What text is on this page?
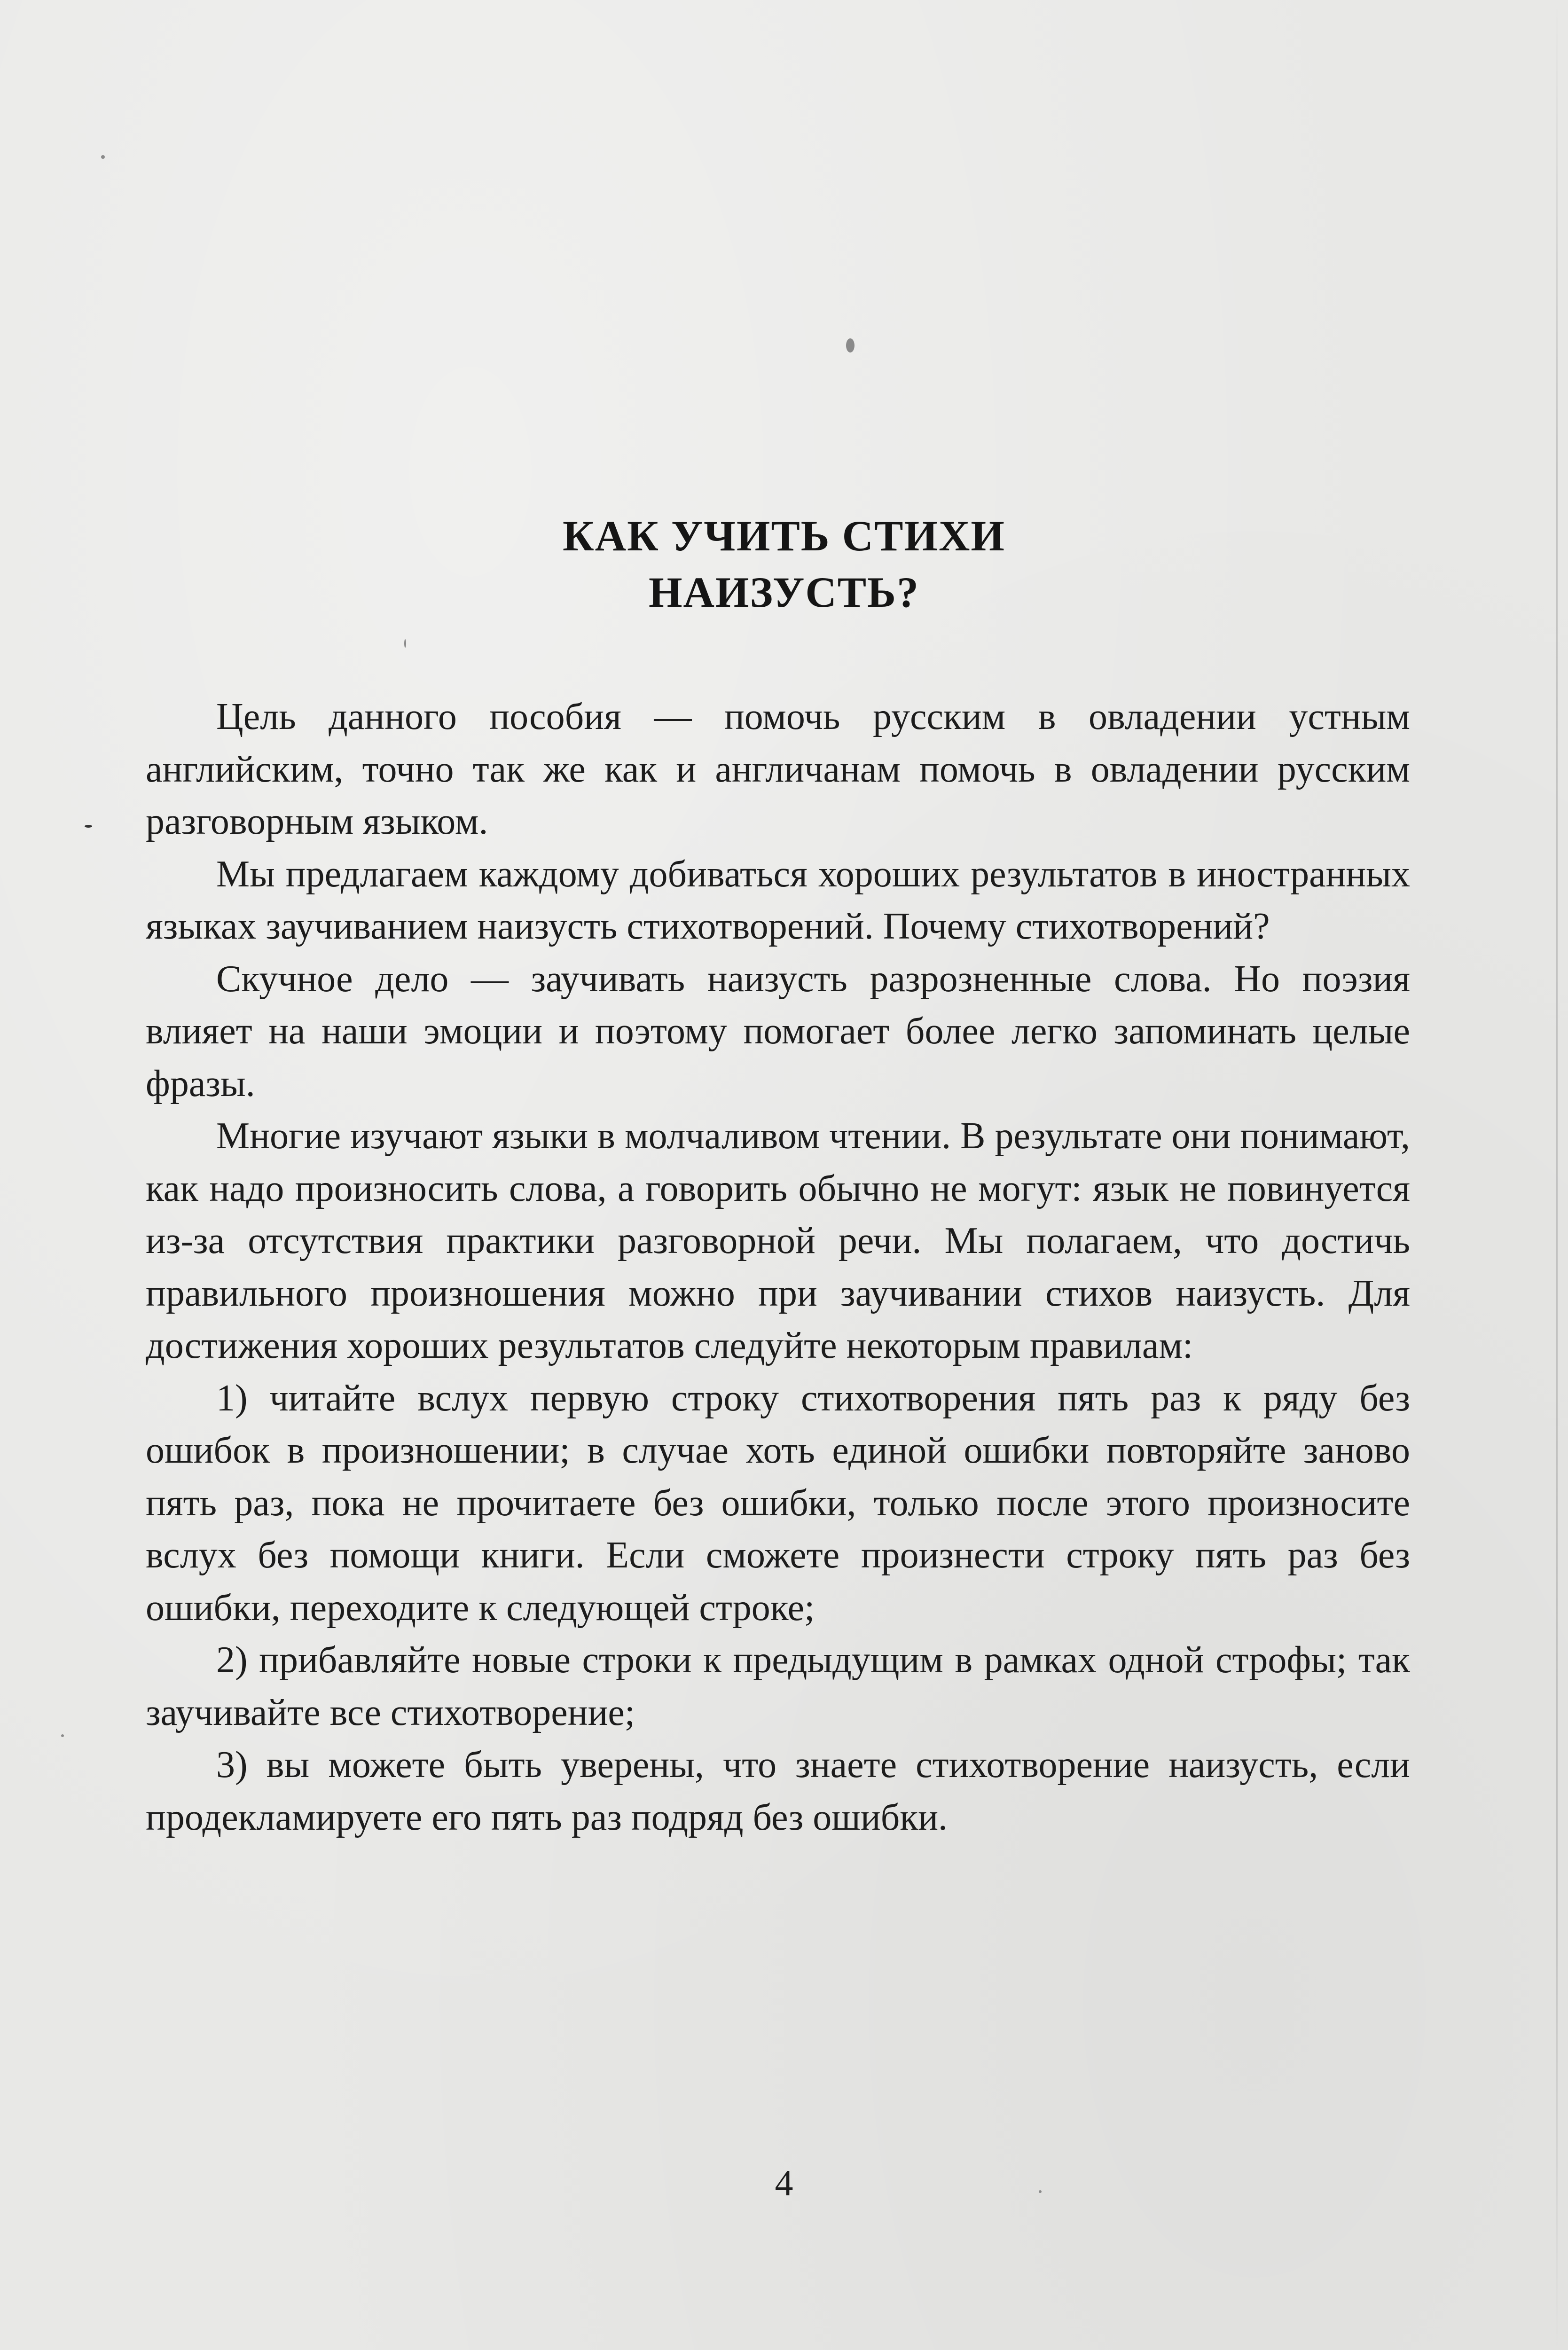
КАК УЧИТЬ СТИХИ
НАИЗУСТЬ?

Цель данного пособия — помочь русским в овладении устным английским, точно так же как и англичанам помочь в овладении русским разговорным языком.

Мы предлагаем каждому добиваться хороших результатов в иностранных языках заучиванием наизусть стихотворений. Почему стихотворений?

Скучное дело — заучивать наизусть разрозненные слова. Но поэзия влияет на наши эмоции и поэтому помогает более легко запоминать целые фразы.

Многие изучают языки в молчаливом чтении. В результате они понимают, как надо произносить слова, а говорить обычно не могут: язык не повинуется из-за отсутствия практики разговорной речи. Мы полагаем, что достичь правильного произношения можно при заучивании стихов наизусть. Для достижения хороших результатов следуйте некоторым правилам:

1) читайте вслух первую строку стихотворения пять раз к ряду без ошибок в произношении; в случае хоть единой ошибки повторяйте заново пять раз, пока не прочитаете без ошибки, только после этого произносите вслух без помощи книги. Если сможете произнести строку пять раз без ошибки, переходите к следующей строке;

2) прибавляйте новые строки к предыдущим в рамках одной строфы; так заучивайте все стихотворение;

3) вы можете быть уверены, что знаете стихотворение наизусть, если продекламируете его пять раз подряд без ошибки.

4
